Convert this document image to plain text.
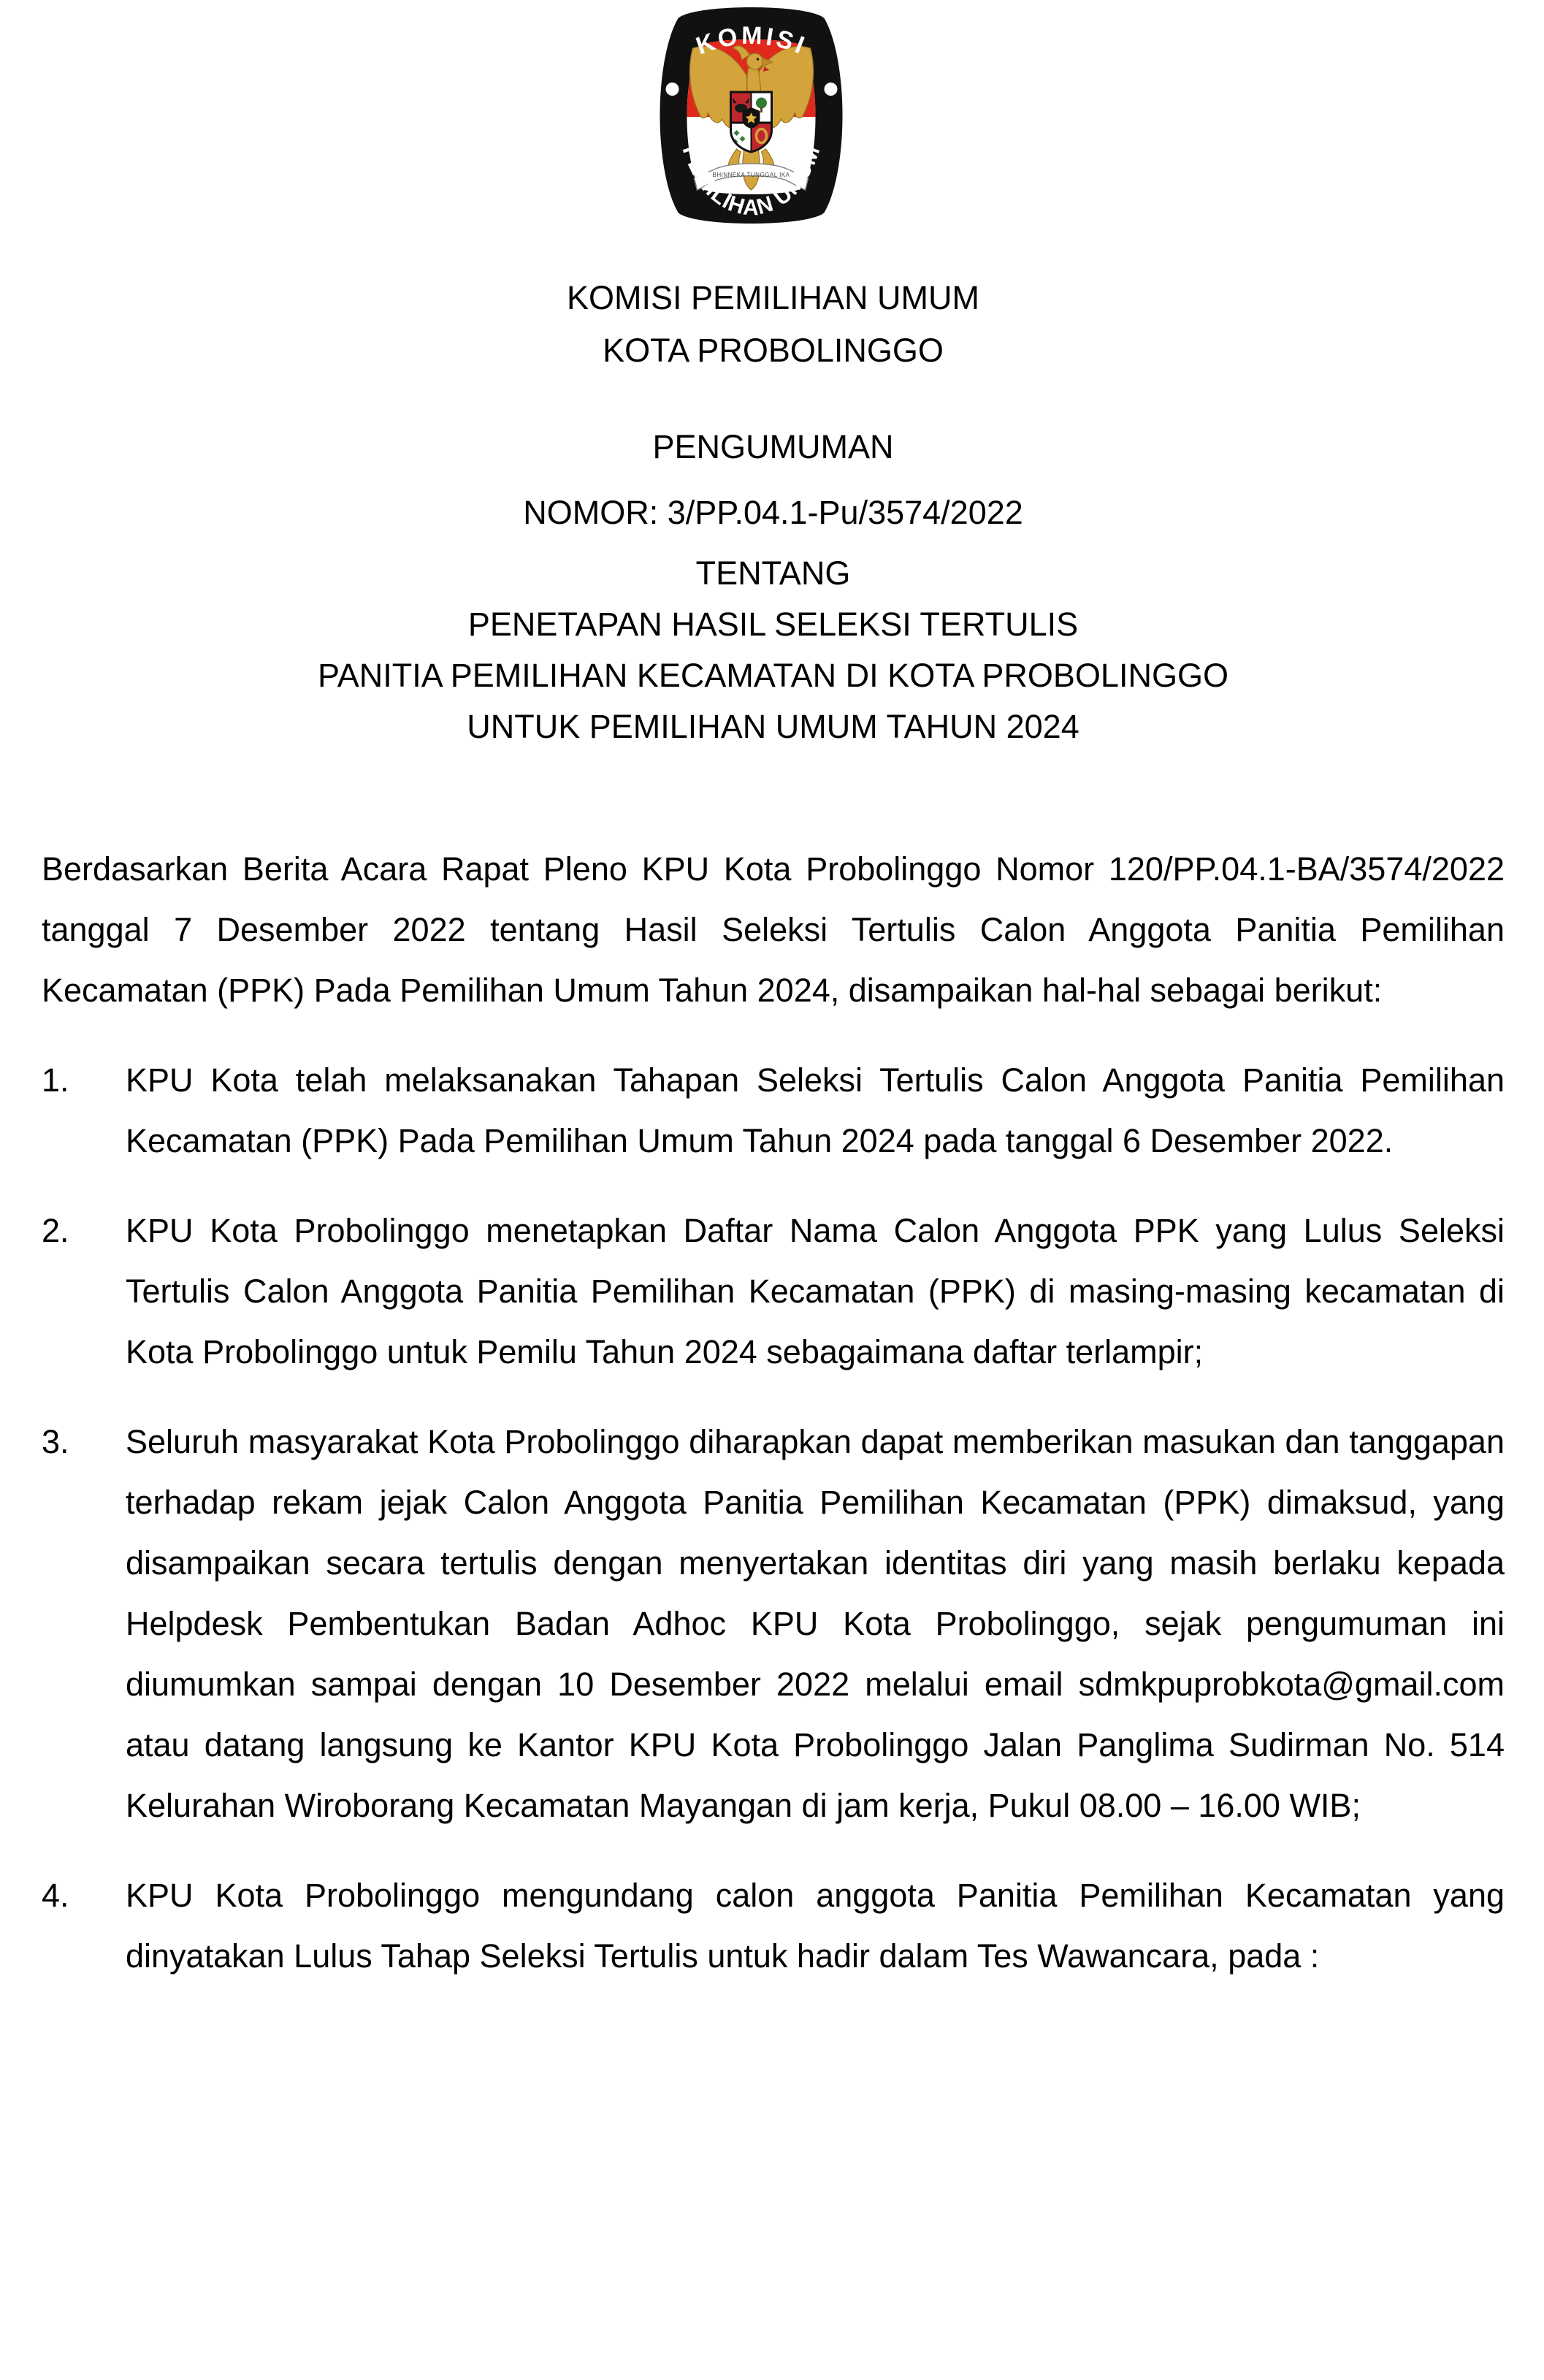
BHINNEKA TUNGGAL IKA
KOMISI
PEMILIHAN UMUM
KOMISI PEMILIHAN UMUM
KOTA PROBOLINGGO
PENGUMUMAN
NOMOR: 3/PP.04.1-Pu/3574/2022
TENTANG
PENETAPAN HASIL SELEKSI TERTULIS
PANITIA PEMILIHAN KECAMATAN DI KOTA PROBOLINGGO
UNTUK PEMILIHAN UMUM TAHUN 2024

Berdasarkan Berita Acara Rapat Pleno KPU Kota Probolinggo Nomor 120/PP.04.1-BA/3574/2022 tanggal 7 Desember 2022 tentang Hasil Seleksi Tertulis Calon Anggota Panitia Pemilihan Kecamatan (PPK) Pada Pemilihan Umum Tahun 2024, disampaikan hal-hal sebagai berikut:

1.	KPU Kota telah melaksanakan Tahapan Seleksi Tertulis Calon Anggota Panitia Pemilihan Kecamatan (PPK) Pada Pemilihan Umum Tahun 2024 pada tanggal 6 Desember 2022.
2.	KPU Kota Probolinggo menetapkan Daftar Nama Calon Anggota PPK yang Lulus Seleksi Tertulis Calon Anggota Panitia Pemilihan Kecamatan (PPK) di masing-masing kecamatan di Kota Probolinggo untuk Pemilu Tahun 2024 sebagaimana daftar terlampir;
3.	Seluruh masyarakat Kota Probolinggo diharapkan dapat memberikan masukan dan tanggapan terhadap rekam jejak Calon Anggota Panitia Pemilihan Kecamatan (PPK) dimaksud, yang disampaikan secara tertulis dengan menyertakan identitas diri yang masih berlaku kepada Helpdesk Pembentukan Badan Adhoc KPU Kota Probolinggo, sejak pengumuman ini diumumkan sampai dengan 10 Desember 2022 melalui email sdmkpuprobkota@gmail.com atau datang langsung ke Kantor KPU Kota Probolinggo Jalan Panglima Sudirman No. 514 Kelurahan Wiroborang Kecamatan Mayangan di jam kerja, Pukul 08.00 – 16.00 WIB;
4.	KPU Kota Probolinggo mengundang calon anggota Panitia Pemilihan Kecamatan yang dinyatakan Lulus Tahap Seleksi Tertulis untuk hadir dalam Tes Wawancara, pada :
